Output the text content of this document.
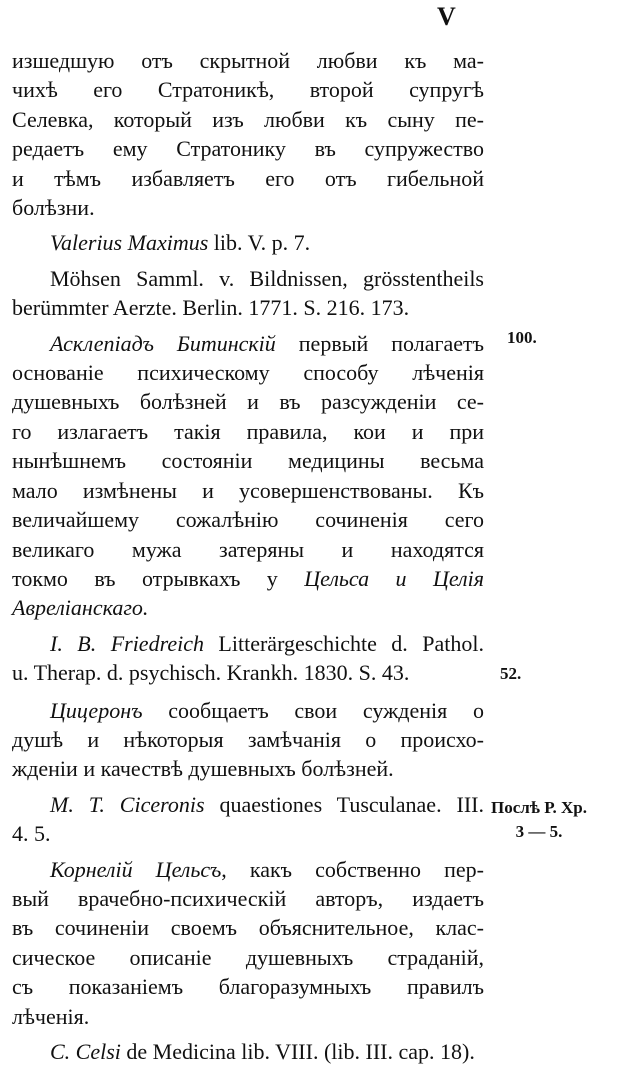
V

изшедшую отъ скрытной любви къ ма-

чихѣ его Стратоникѣ, второй супругѣ

Селевка, который изъ любви къ сыну пе-

редаетъ ему Стратонику въ супружество

и тѣмъ избавляетъ его отъ гибельной

болѣзни.

Valerius Maximus lib. V. p. 7.

Möhsen Samml. v. Bildnissen, grösstentheils

berümmter Aerzte. Berlin. 1771. S. 216. 173.

Асклепіадъ Битинскій первый полагаетъ

основаніе психическому способу лѣченія

душевныхъ болѣзней и въ разсужденіи се-

го излагаетъ такія правила, кои и при

нынѣшнемъ состояніи медицины весьма

мало измѣнены и усовершенствованы. Къ

величайшему сожалѣнію сочиненія сего

великаго мужа затеряны и находятся

токмо въ отрывкахъ у Цельса и Целія

Авреліанскаго.

I. B. Friedreich Litterärgeschichte d. Pathol.

u. Therap. d. psychisch. Krankh. 1830. S. 43.

Цицеронъ сообщаетъ свои сужденія о

душѣ и нѣкоторыя замѣчанія о происхо-

жденіи и качествѣ душевныхъ болѣзней.

M. T. Ciceronis quaestiones Tusculanae. III.

4. 5.

Корнелій Цельсъ, какъ собственно пер-

вый врачебно-психическій авторъ, издаетъ

въ сочиненіи своемъ объяснительное, клас-

сическое описаніе душевныхъ страданій,

съ показаніемъ благоразумныхъ правилъ

лѣченія.

C. Celsi de Medicina lib. VIII. (lib. III. cap. 18).

100.
52.
Послѣ Р. Хр.
3 — 5.
